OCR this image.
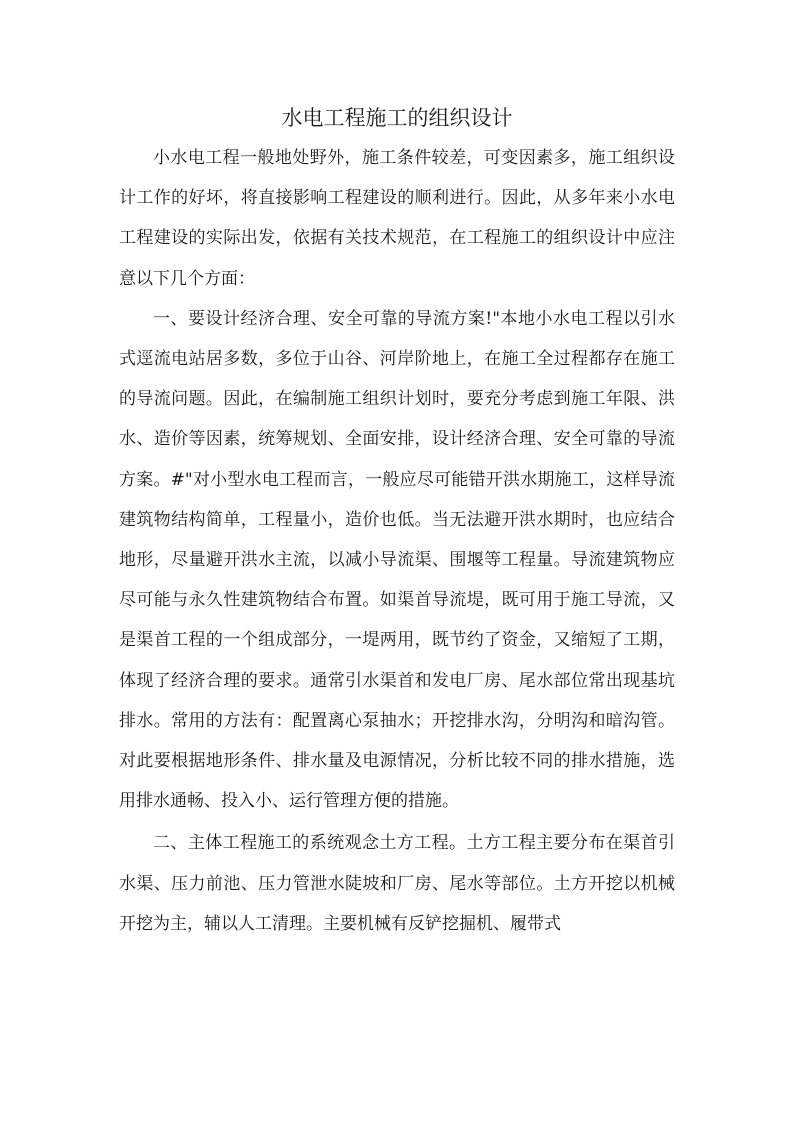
水电工程施工的组织设计

小水电工程一般地处野外，施工条件较差，可变因素多，施工组织设计工作的好坏，将直接影响工程建设的顺利进行。因此，从多年来小水电工程建设的实际出发，依据有关技术规范，在工程施工的组织设计中应注意以下几个方面：

一、要设计经济合理、安全可靠的导流方案!"本地小水电工程以引水式逕流电站居多数，多位于山谷、河岸阶地上，在施工全过程都存在施工的导流问题。因此，在编制施工组织计划时，要充分考虑到施工年限、洪水、造价等因素，统筹规划、全面安排，设计经济合理、安全可靠的导流方案。#"对小型水电工程而言，一般应尽可能错开洪水期施工，这样导流建筑物结构简单，工程量小，造价也低。当无法避开洪水期时，也应结合地形，尽量避开洪水主流，以减小导流渠、围堰等工程量。导流建筑物应尽可能与永久性建筑物结合布置。如渠首导流堤，既可用于施工导流，又是渠首工程的一个组成部分，一堤两用，既节约了资金，又缩短了工期，体现了经济合理的要求。通常引水渠首和发电厂房、尾水部位常出现基坑排水。常用的方法有：配置离心泵抽水；开挖排水沟，分明沟和暗沟管。对此要根据地形条件、排水量及电源情况，分析比较不同的排水措施，选用排水通畅、投入小、运行管理方便的措施。

二、主体工程施工的系统观念土方工程。土方工程主要分布在渠首引水渠、压力前池、压力管泄水陡坡和厂房、尾水等部位。土方开挖以机械开挖为主，辅以人工清理。主要机械有反铲挖掘机、履带式
